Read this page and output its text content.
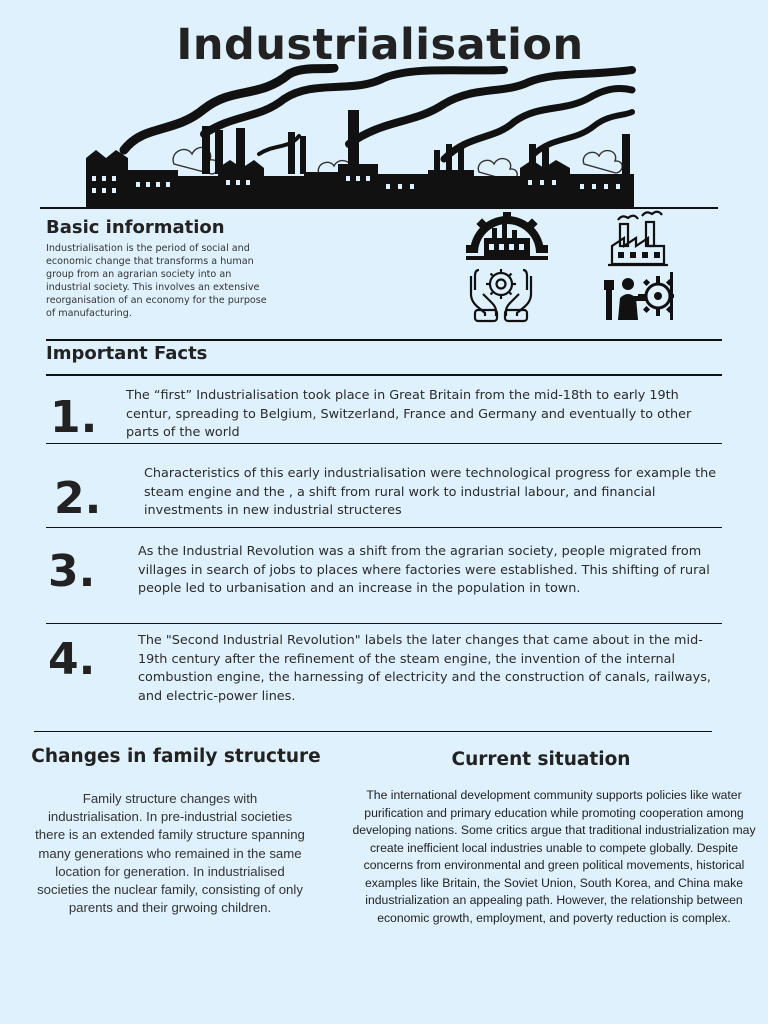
Industrialisation
Basic information
Industrialisation is the period of social and economic change that transforms a human group from an agrarian society into an industrial society. This involves an extensive reorganisation of an economy for the purpose of manufacturing.
Important Facts
1. The “first” Industrialisation took place in Great Britain from the mid-18th to early 19th centur, spreading to Belgium, Switzerland, France and Germany and eventually to other parts of the world
2.	Characteristics of this early industrialisation were technological progress for example the steam engine and the , a shift from rural work to industrial labour, and financial investments in new industrial structeres
3.	As the Industrial Revolution was a shift from the agrarian society, people migrated from villages in search of jobs to places where factories were established. This shifting of rural people led to urbanisation and an increase in the population in town.
4.	The "Second Industrial Revolution" labels the later changes that came about in the mid-19th century after the refinement of the steam engine, the invention of the internal combustion engine, the harnessing of electricity and the construction of canals, railways, and electric-power lines.
Changes in family structure
Family structure changes with industrialisation. In pre-industrial societies there is an extended family structure spanning many generations who remained in the same location for generation. In industrialised societies the nuclear family, consisting of only parents and their grwoing children.
Current situation
The international development community supports policies like water purification and primary education while promoting cooperation among developing nations. Some critics argue that traditional industrialization may create inefficient local industries unable to compete globally. Despite concerns from environmental and green political movements, historical examples like Britain, the Soviet Union, South Korea, and China make industrialization an appealing path. However, the relationship between economic growth, employment, and poverty reduction is complex.
